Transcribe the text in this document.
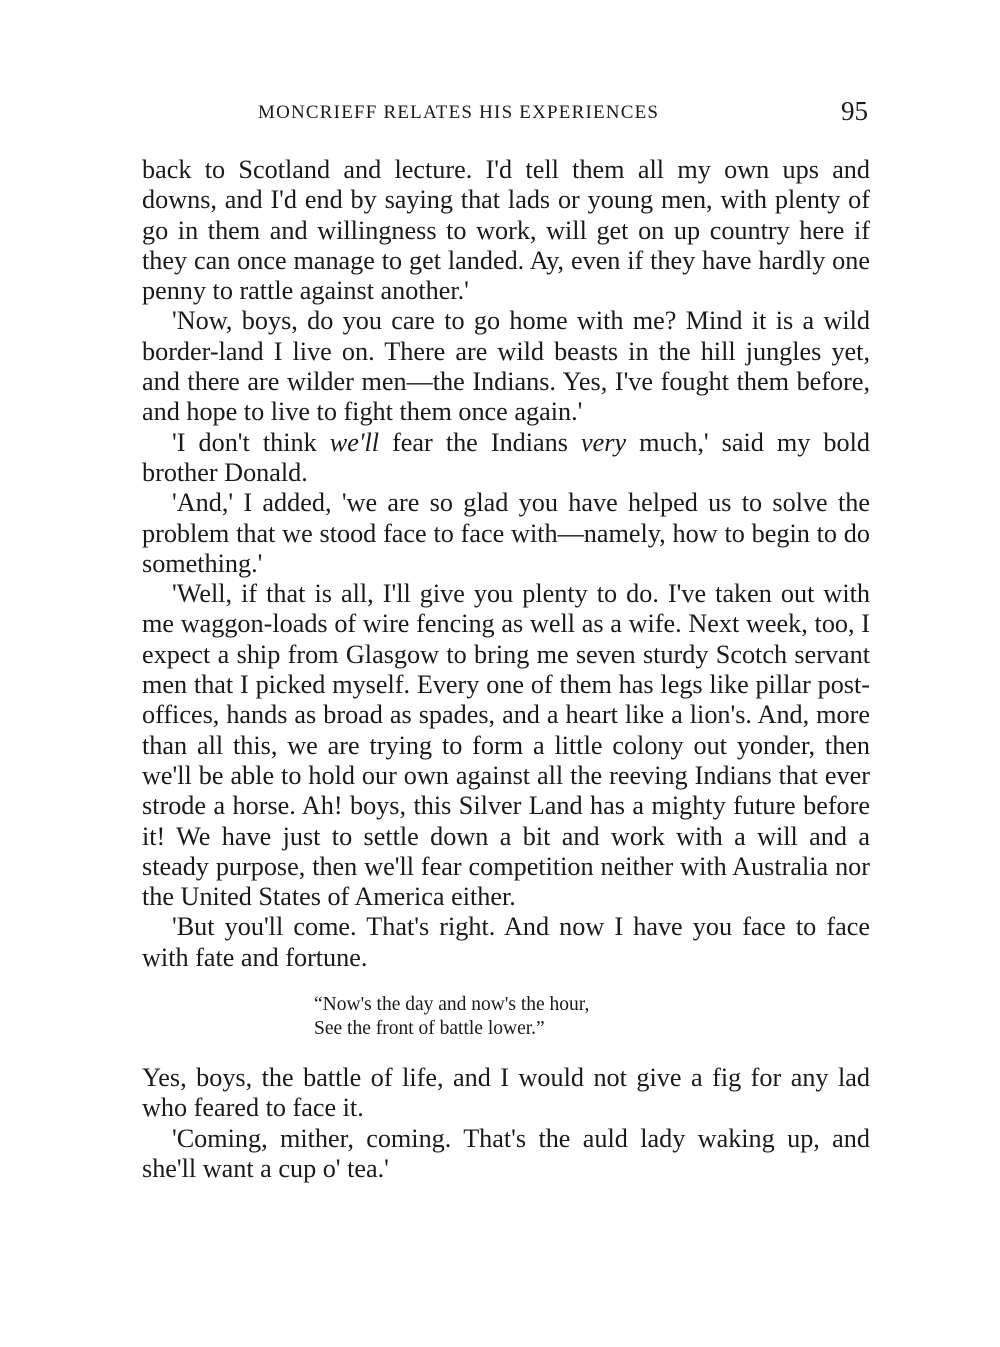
MONCRIEFF RELATES HIS EXPERIENCES	95

back to Scotland and lecture. I'd tell them all my own ups and downs, and I'd end by saying that lads or young men, with plenty of go in them and willingness to work, will get on up country here if they can once manage to get landed. Ay, even if they have hardly one penny to rattle against another.'

'Now, boys, do you care to go home with me? Mind it is a wild border-land I live on. There are wild beasts in the hill jungles yet, and there are wilder men—the Indians. Yes, I've fought them before, and hope to live to fight them once again.'

'I don't think we'll fear the Indians very much,' said my bold brother Donald.

'And,' I added, 'we are so glad you have helped us to solve the problem that we stood face to face with—namely, how to begin to do something.'

'Well, if that is all, I'll give you plenty to do. I've taken out with me waggon-loads of wire fencing as well as a wife. Next week, too, I expect a ship from Glasgow to bring me seven sturdy Scotch servant men that I picked myself. Every one of them has legs like pillar post-offices, hands as broad as spades, and a heart like a lion's. And, more than all this, we are trying to form a little colony out yonder, then we'll be able to hold our own against all the reeving Indians that ever strode a horse. Ah! boys, this Silver Land has a mighty future before it! We have just to settle down a bit and work with a will and a steady purpose, then we'll fear competition neither with Australia nor the United States of America either.

'But you'll come. That's right. And now I have you face to face with fate and fortune.

“Now's the day and now's the hour,
See the front of battle lower.”

Yes, boys, the battle of life, and I would not give a fig for any lad who feared to face it.

'Coming, mither, coming. That's the auld lady waking up, and she'll want a cup o' tea.'
